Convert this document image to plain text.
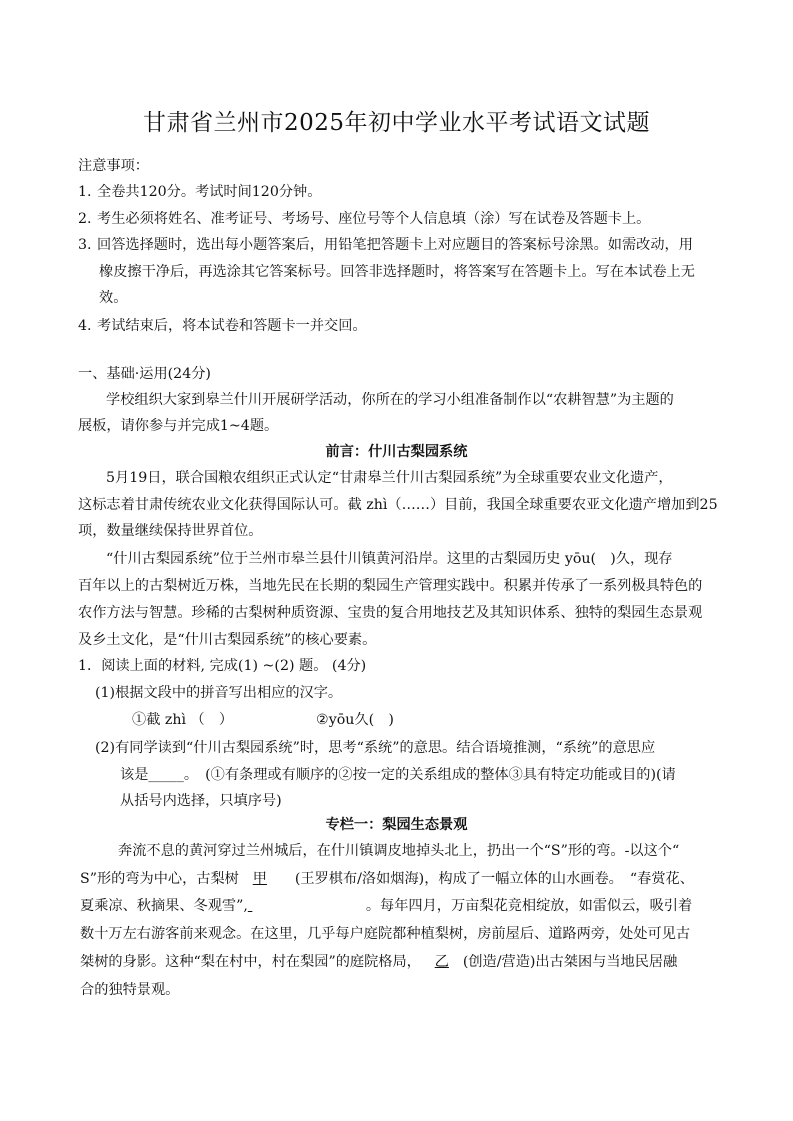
甘肃省兰州市2025年初中学业水平考试语文试题

注意事项：

1. 全卷共120分。考试时间120分钟。
2. 考生必须将姓名、准考证号、考场号、座位号等个人信息填（涂）写在试卷及答题卡上。
3. 回答选择题时，选出每小题答案后，用铅笔把答题卡上对应题目的答案标号涂黑。如需改动，用
橡皮擦干净后，再选涂其它答案标号。回答非选择题时，将答案写在答题卡上。写在本试卷上无
效。
4. 考试结束后，将本试卷和答题卡一并交回。

一、基础·运用(24分)

学校组织大家到皋兰什川开展研学活动，你所在的学习小组准备制作以“农耕智慧”为主题的

展板，请你参与并完成1~4题。

前言：什川古梨园系统

5月19日，联合国粮农组织正式认定“甘肃皋兰什川古梨园系统”为全球重要农业文化遗产，

这标志着甘肃传统农业文化获得国际认可。截 zhì（……）目前，我国全球重要农亚文化遗产增加到25

项，数量继续保持世界首位。

“什川古梨园系统”位于兰州市皋兰县什川镇黄河沿岸。这里的古梨园历史 yōu(　)久，现存

百年以上的古梨树近万株，当地先民在长期的梨园生产管理实践中。积累并传承了一系列极具特色的

农作方法与智慧。珍稀的古梨树种质资源、宝贵的复合用地技艺及其知识体系、独特的梨园生态景观

及乡土文化，是“什川古梨园系统”的核心要素。

1．阅读上面的材料, 完成(1) ~(2) 题。 (4分)

(1)根据文段中的拼音写出相应的汉字。

①截 zhì （　）	②yōu久(　)

(2)有同学读到“什川古梨园系统”时，思考“系统”的意思。结合语境推测，“系统”的意思应

该是_____。　(①有条理或有顺序的②按一定的关系组成的整体③具有特定功能或目的)(请

从括号内选择，只填序号)

专栏一：梨园生态景观

奔流不息的黄河穿过兰州城后，在什川镇调皮地掉头北上，扔出一个“S”形的弯。-以这个“

S”形的弯为中心，古梨树 甲 (王罗棋布/洛如烟海)，构成了一幅立体的山水画卷。　“春赏花、

夏乘凉、秋摘果、冬观雪”,	。每年四月，万亩梨花竞相绽放，如雷似云，吸引着

数十万左右游客前来观念。在这里，几乎每户庭院都种植梨树，房前屋后、道路两旁，处处可见古

桀树的身影。这种“梨在村中，村在梨园”的庭院格局， 乙 (创造/营造)出古桀困与当地民居融

合的独特景观。
